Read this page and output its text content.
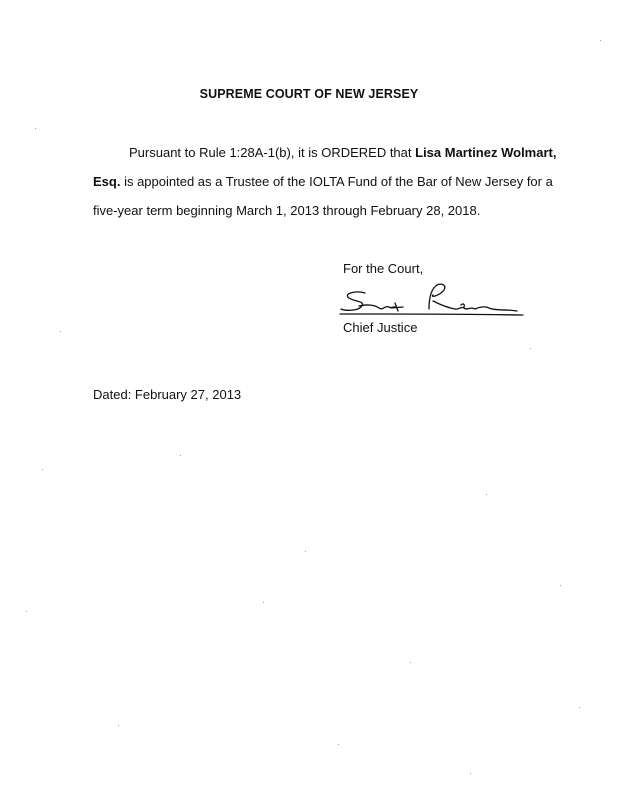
SUPREME COURT OF NEW JERSEY
Pursuant to Rule 1:28A-1(b), it is ORDERED that Lisa Martinez Wolmart,
Esq. is appointed as a Trustee of the IOLTA Fund of the Bar of New Jersey for a
five-year term beginning March 1, 2013 through February 28, 2018.
For the Court,
Chief Justice
Dated: February 27, 2013
